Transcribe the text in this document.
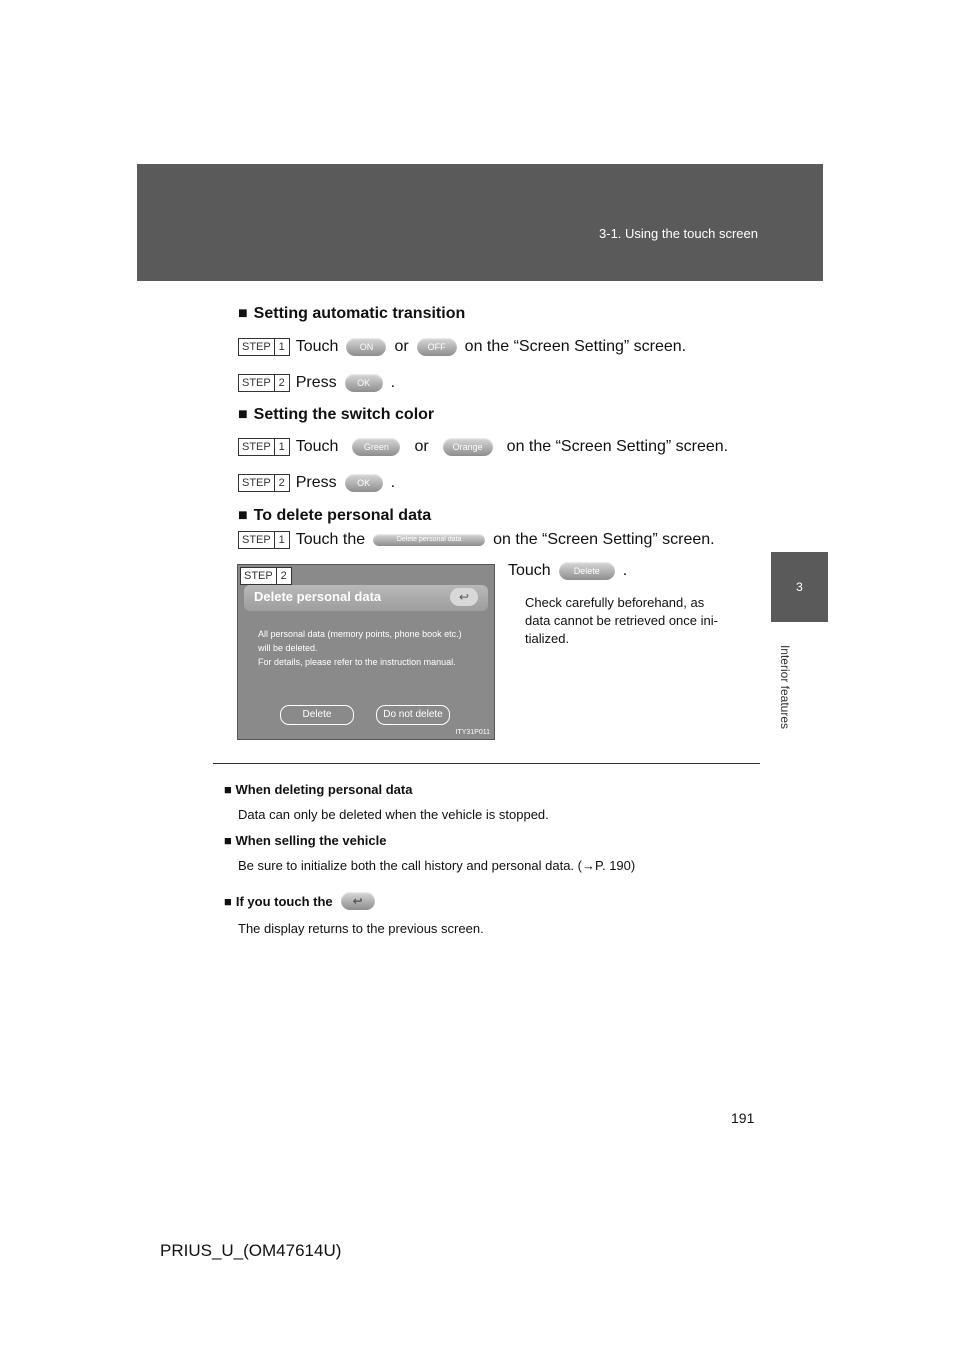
3-1. Using the touch screen
3
Interior features
■ Setting automatic transition
STEP 1 Touch	ON	or	OFF	on the “Screen Setting” screen.
STEP 2 Press	OK	.
■ Setting the switch color
STEP 1 Touch	Green	or	Orange	on the “Screen Setting” screen.
STEP 2 Press	OK	.
■ To delete personal data
STEP 1 Touch the	Delete personal data	on the “Screen Setting” screen.
STEP 2
Delete personal data	↩
All personal data (memory points, phone book etc.)
will be deleted.
For details, please refer to the instruction manual.
Delete	Do not delete
ITY31P011
Touch	Delete	.
Check carefully beforehand, as
data cannot be retrieved once ini-
tialized.
■ When deleting personal data
Data can only be deleted when the vehicle is stopped.
■ When selling the vehicle
Be sure to initialize both the call history and personal data. (→P. 190)
■ If you touch the	↩
The display returns to the previous screen.
191
PRIUS_U_(OM47614U)
